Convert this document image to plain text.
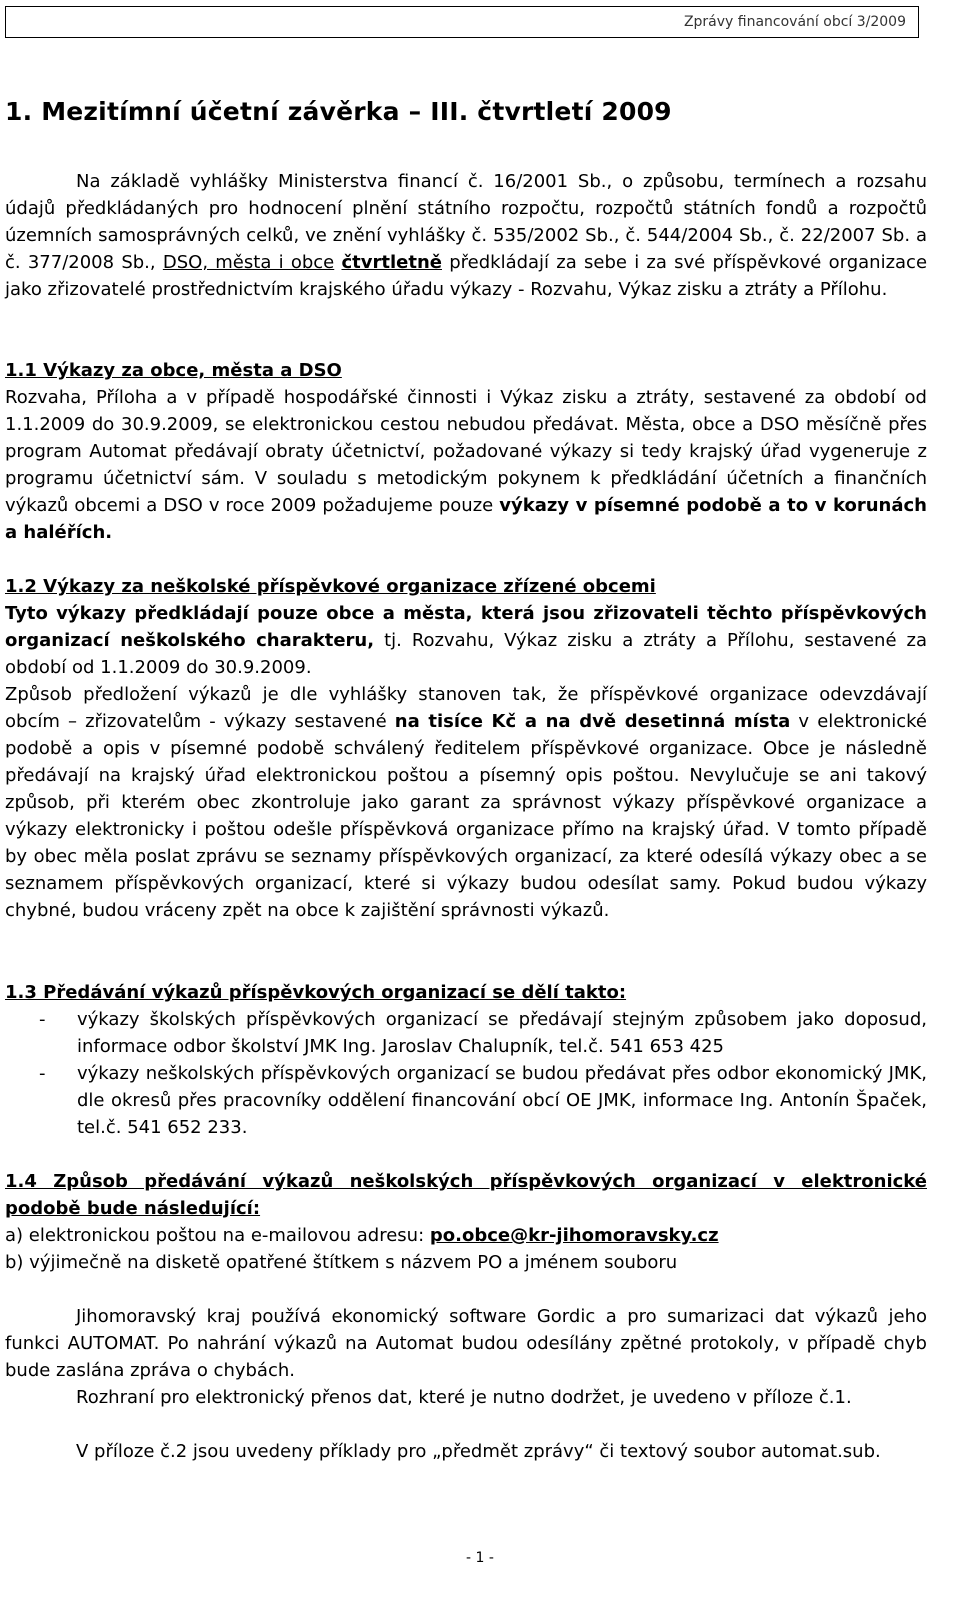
Zprávy financování obcí 3/2009
1. Mezitímní účetní závěrka – III. čtvrtletí 2009
Na základě vyhlášky Ministerstva financí č. 16/2001 Sb., o způsobu, termínech a rozsahu údajů předkládaných pro hodnocení plnění státního rozpočtu, rozpočtů státních fondů a rozpočtů územních samosprávných celků, ve znění vyhlášky č. 535/2002 Sb., č. 544/2004 Sb., č. 22/2007 Sb. a č. 377/2008 Sb., DSO, města i obce čtvrtletně předkládají za sebe i za své příspěvkové organizace jako zřizovatelé prostřednictvím krajského úřadu výkazy - Rozvahu, Výkaz zisku a ztráty a Přílohu.
1.1 Výkazy za obce, města a DSO
Rozvaha, Příloha a v případě hospodářské činnosti i Výkaz zisku a ztráty, sestavené za období od 1.1.2009 do 30.9.2009, se elektronickou cestou nebudou předávat. Města, obce a DSO měsíčně přes program Automat předávají obraty účetnictví, požadované výkazy si tedy krajský úřad vygeneruje z programu účetnictví sám. V souladu s metodickým pokynem k předkládání účetních a finančních výkazů obcemi a DSO v roce 2009 požadujeme pouze výkazy v písemné podobě a to v korunách a haléřích.
1.2 Výkazy za neškolské příspěvkové organizace zřízené obcemi
Tyto výkazy předkládají pouze obce a města, která jsou zřizovateli těchto příspěvkových organizací neškolského charakteru, tj. Rozvahu, Výkaz zisku a ztráty a Přílohu, sestavené za období od 1.1.2009 do 30.9.2009.
Způsob předložení výkazů je dle vyhlášky stanoven tak, že příspěvkové organizace odevzdávají obcím – zřizovatelům - výkazy sestavené na tisíce Kč a na dvě desetinná místa v elektronické podobě a opis v písemné podobě schválený ředitelem příspěvkové organizace. Obce je následně předávají na krajský úřad elektronickou poštou a písemný opis poštou. Nevylučuje se ani takový způsob, při kterém obec zkontroluje jako garant za správnost výkazy příspěvkové organizace a výkazy elektronicky i poštou odešle příspěvková organizace přímo na krajský úřad. V tomto případě by obec měla poslat zprávu se seznamy příspěvkových organizací, za které odesílá výkazy obec a se seznamem příspěvkových organizací, které si výkazy budou odesílat samy. Pokud budou výkazy chybné, budou vráceny zpět na obce k zajištění správnosti výkazů.
1.3 Předávání výkazů příspěvkových organizací se dělí takto:
- výkazy školských příspěvkových organizací se předávají stejným způsobem jako doposud, informace odbor školství JMK Ing. Jaroslav Chalupník, tel.č. 541 653 425
- výkazy neškolských příspěvkových organizací se budou předávat přes odbor ekonomický JMK, dle okresů přes pracovníky oddělení financování obcí OE JMK, informace Ing. Antonín Špaček, tel.č. 541 652 233.
1.4 Způsob předávání výkazů neškolských příspěvkových organizací v elektronické podobě bude následující:
a) elektronickou poštou na e-mailovou adresu: po.obce@kr-jihomoravsky.cz
b) výjimečně na disketě opatřené štítkem s názvem PO a jménem souboru
Jihomoravský kraj používá ekonomický software Gordic a pro sumarizaci dat výkazů jeho funkci AUTOMAT. Po nahrání výkazů na Automat budou odesílány zpětné protokoly, v případě chyb bude zaslána zpráva o chybách.
Rozhraní pro elektronický přenos dat, které je nutno dodržet, je uvedeno v příloze č.1.
V příloze č.2 jsou uvedeny příklady pro „předmět zprávy“ či textový soubor automat.sub.
- 1 -
